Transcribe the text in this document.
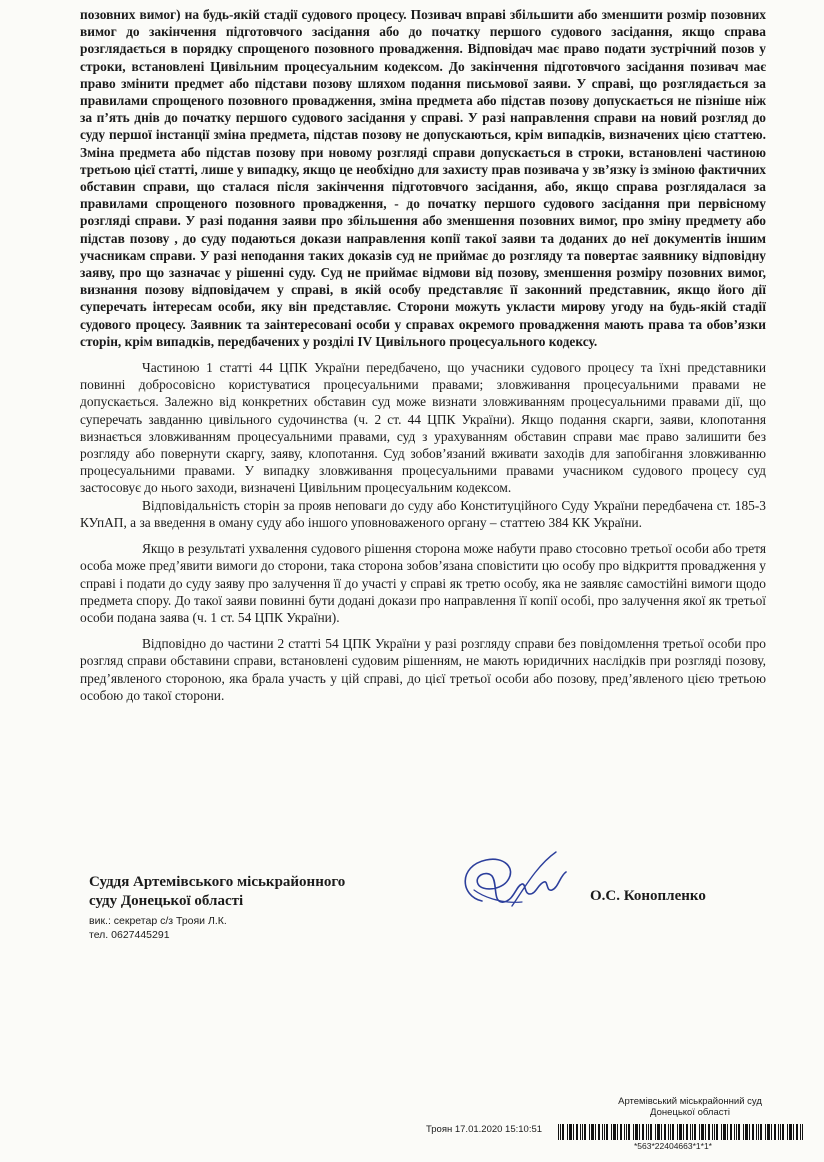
позовних вимог) на будь-якій стадії судового процесу. Позивач вправі збільшити або зменшити розмір позовних вимог до закінчення підготовчого засідання або до початку першого судового засідання, якщо справа розглядається в порядку спрощеного позовного провадження. Відповідач має право подати зустрічний позов у строки, встановлені Цивільним процесуальним кодексом. До закінчення підготовчого засідання позивач має право змінити предмет або підстави позову шляхом подання письмової заяви. У справі, що розглядається за правилами спрощеного позовного провадження, зміна предмета або підстав позову допускається не пізніше ніж за п’ять днів до початку першого судового засідання у справі. У разі направлення справи на новий розгляд до суду першої інстанції зміна предмета, підстав позову не допускаються, крім випадків, визначених цією статтею. Зміна предмета або підстав позову при новому розгляді справи допускається в строки, встановлені частиною третьою цієї статті, лише у випадку, якщо це необхідно для захисту прав позивача у зв’язку із зміною фактичних обставин справи, що сталася після закінчення підготовчого засідання, або, якщо справа розглядалася за правилами спрощеного позовного провадження, - до початку першого судового засідання при первісному розгляді справи. У разі подання заяви про збільшення або зменшення позовних вимог, про зміну предмету або підстав позову , до суду подаються докази направлення копії такої заяви та доданих до неї документів іншим учасникам справи. У разі неподання таких доказів суд не приймає до розгляду та повертає заявнику відповідну заяву, про що зазначає у рішенні суду. Суд не приймає відмови від позову, зменшення розміру позовних вимог, визнання позову відповідачем у справі, в якій особу представляє її законний представник, якщо його дії суперечать інтересам особи, яку він представляє. Сторони можуть укласти мирову угоду на будь-якій стадії судового процесу. Заявник та заінтересовані особи у справах окремого провадження мають права та обов’язки сторін, крім випадків, передбачених у розділі IV Цивільного процесуального кодексу.

Частиною 1 статті 44 ЦПК України передбачено, що учасники судового процесу та їхні представники повинні добросовісно користуватися процесуальними правами; зловживання процесуальними правами не допускається. Залежно від конкретних обставин суд може визнати зловживанням процесуальними правами дії, що суперечать завданню цивільного судочинства (ч. 2 ст. 44 ЦПК України). Якщо подання скарги, заяви, клопотання визнається зловживанням процесуальними правами, суд з урахуванням обставин справи має право залишити без розгляду або повернути скаргу, заяву, клопотання. Суд зобов’язаний вживати заходів для запобігання зловживанню процесуальними правами. У випадку зловживання процесуальними правами учасником судового процесу суд застосовує до нього заходи, визначені Цивільним процесуальним кодексом.

Відповідальність сторін за прояв неповаги до суду або Конституційного Суду України передбачена ст. 185-3 КУпАП, а за введення в оману суду або іншого уповноваженого органу – статтею 384 КК України.

Якщо в результаті ухвалення судового рішення сторона може набути право стосовно третьої особи або третя особа може пред’явити вимоги до сторони, така сторона зобов’язана сповістити цю особу про відкриття провадження у справі і подати до суду заяву про залучення її до участі у справі як третю особу, яка не заявляє самостійні вимоги щодо предмета спору. До такої заяви повинні бути додані докази про направлення її копії особі, про залучення якої як третьої особи подана заява (ч. 1 ст. 54 ЦПК України).

Відповідно до частини 2 статті 54 ЦПК України у разі розгляду справи без повідомлення третьої особи про розгляд справи обставини справи, встановлені судовим рішенням, не мають юридичних наслідків при розгляді позову, пред’явленого стороною, яка брала участь у цій справі, до цієї третьої особи або позову, пред’явленого цією третьою особою до такої сторони.

Суддя Артемівського міськрайонного
суду Донецької області
вик.: секретар с/з Трояи Л.К.
тел. 0627445291
О.С. Конопленко
Артемівський міськрайонний суд
Донецької області
Троян 17.01.2020 15:10:51
*563*22404663*1*1*
